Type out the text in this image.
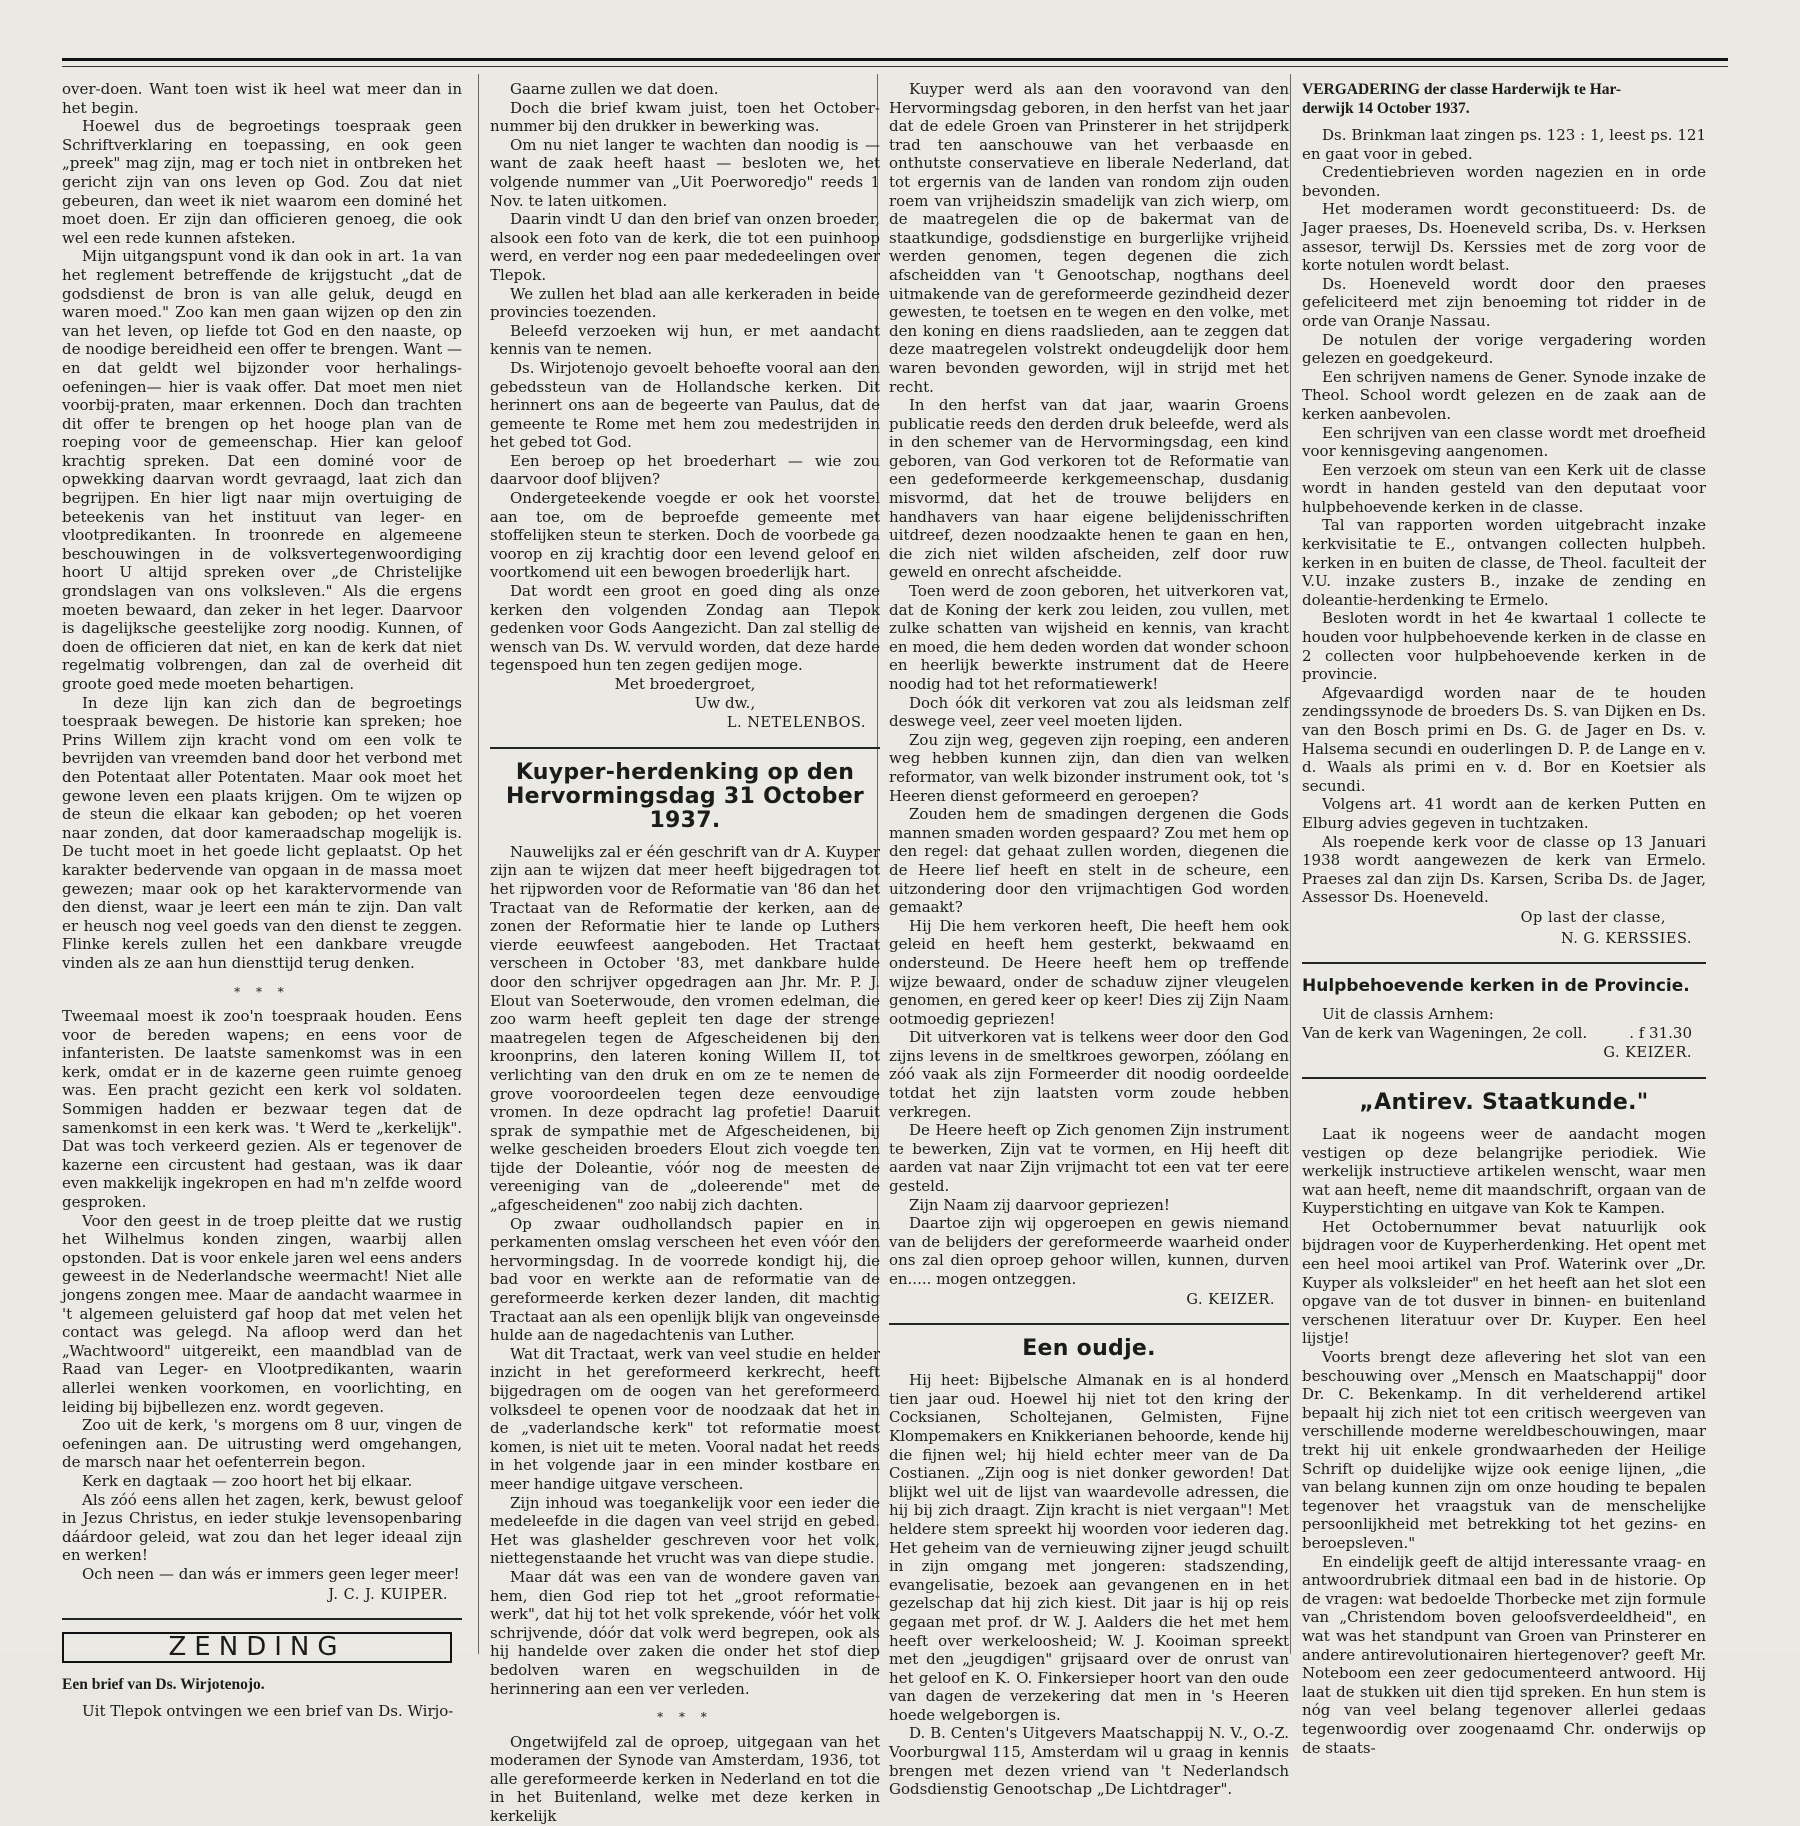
over-doen. Want toen wist ik heel wat meer dan in het begin.

Hoewel dus de begroetings toespraak geen Schriftverklaring en toepassing, en ook geen „preek" mag zijn, mag er toch niet in ontbreken het gericht zijn van ons leven op God. Zou dat niet gebeuren, dan weet ik niet waarom een dominé het moet doen. Er zijn dan officieren genoeg, die ook wel een rede kunnen afsteken.

Mijn uitgangspunt vond ik dan ook in art. 1a van het reglement betreffende de krijgstucht „dat de godsdienst de bron is van alle geluk, deugd en waren moed." Zoo kan men gaan wijzen op den zin van het leven, op liefde tot God en den naaste, op de noodige bereidheid een offer te brengen. Want — en dat geldt wel bijzonder voor herhalings-oefeningen— hier is vaak offer. Dat moet men niet voorbij-praten, maar erkennen. Doch dan trachten dit offer te brengen op het hooge plan van de roeping voor de gemeenschap. Hier kan geloof krachtig spreken. Dat een dominé voor de opwekking daarvan wordt gevraagd, laat zich dan begrijpen. En hier ligt naar mijn overtuiging de beteekenis van het instituut van leger- en vlootpredikanten. In troonrede en algemeene beschouwingen in de volksvertegenwoordiging hoort U altijd spreken over „de Christelijke grondslagen van ons volksleven." Als die ergens moeten bewaard, dan zeker in het leger. Daarvoor is dagelijksche geestelijke zorg noodig. Kunnen, of doen de officieren dat niet, en kan de kerk dat niet regelmatig volbrengen, dan zal de overheid dit groote goed mede moeten behartigen.

In deze lijn kan zich dan de begroetings toespraak bewegen. De historie kan spreken; hoe Prins Willem zijn kracht vond om een volk te bevrijden van vreemden band door het verbond met den Potentaat aller Potentaten. Maar ook moet het gewone leven een plaats krijgen. Om te wijzen op de steun die elkaar kan geboden; op het voeren naar zonden, dat door kameraadschap mogelijk is. De tucht moet in het goede licht geplaatst. Op het karakter bedervende van opgaan in de massa moet gewezen; maar ook op het karaktervormende van den dienst, waar je leert een mán te zijn. Dan valt er heusch nog veel goeds van den dienst te zeggen. Flinke kerels zullen het een dankbare vreugde vinden als ze aan hun diensttijd terug denken.

* * *

Tweemaal moest ik zoo'n toespraak houden. Eens voor de bereden wapens; en eens voor de infanteristen. De laatste samenkomst was in een kerk, omdat er in de kazerne geen ruimte genoeg was. Een pracht gezicht een kerk vol soldaten. Sommigen hadden er bezwaar tegen dat de samenkomst in een kerk was. 't Werd te „kerkelijk". Dat was toch verkeerd gezien. Als er tegenover de kazerne een circustent had gestaan, was ik daar even makkelijk ingekropen en had m'n zelfde woord gesproken.

Voor den geest in de troep pleitte dat we rustig het Wilhelmus konden zingen, waarbij allen opstonden. Dat is voor enkele jaren wel eens anders geweest in de Nederlandsche weermacht! Niet alle jongens zongen mee. Maar de aandacht waarmee in 't algemeen geluisterd gaf hoop dat met velen het contact was gelegd. Na afloop werd dan het „Wachtwoord" uitgereikt, een maandblad van de Raad van Leger- en Vlootpredikanten, waarin allerlei wenken voorkomen, en voorlichting, en leiding bij bijbellezen enz. wordt gegeven.

Zoo uit de kerk, 's morgens om 8 uur, vingen de oefeningen aan. De uitrusting werd omgehangen, de marsch naar het oefenterrein begon.

Kerk en dagtaak — zoo hoort het bij elkaar.

Als zóó eens allen het zagen, kerk, bewust geloof in Jezus Christus, en ieder stukje levensopenbaring dáárdoor geleid, wat zou dan het leger ideaal zijn en werken!

Och neen — dan wás er immers geen leger meer!

J. C. J. KUIPER.
ZENDING
Een brief van Ds. Wirjotenojo.

Uit Tlepok ontvingen we een brief van Ds. Wirjo-

Gaarne zullen we dat doen.

Doch die brief kwam juist, toen het October-nummer bij den drukker in bewerking was.

Om nu niet langer te wachten dan noodig is — want de zaak heeft haast — besloten we, het volgende nummer van „Uit Poerworedjo" reeds 1 Nov. te laten uitkomen.

Daarin vindt U dan den brief van onzen broeder, alsook een foto van de kerk, die tot een puinhoop werd, en verder nog een paar mededeelingen over Tlepok.

We zullen het blad aan alle kerkeraden in beide provincies toezenden.

Beleefd verzoeken wij hun, er met aandacht kennis van te nemen.

Ds. Wirjotenojo gevoelt behoefte vooral aan den gebedssteun van de Hollandsche kerken. Dit herinnert ons aan de begeerte van Paulus, dat de gemeente te Rome met hem zou medestrijden in het gebed tot God.

Een beroep op het broederhart — wie zou daarvoor doof blijven?

Ondergeteekende voegde er ook het voorstel aan toe, om de beproefde gemeente met stoffelijken steun te sterken. Doch de voorbede ga voorop en zij krachtig door een levend geloof en voortkomend uit een bewogen broederlijk hart.

Dat wordt een groot en goed ding als onze kerken den volgenden Zondag aan Tlepok gedenken voor Gods Aangezicht. Dan zal stellig de wensch van Ds. W. vervuld worden, dat deze harde tegenspoed hun ten zegen gedijen moge.

Met broedergroet,
Uw dw.,
L. NETELENBOS.
Kuyper-herdenking op den Hervormingsdag 31 October 1937.

Nauwelijks zal er één geschrift van dr A. Kuyper zijn aan te wijzen dat meer heeft bijgedragen tot het rijpworden voor de Reformatie van '86 dan het Tractaat van de Reformatie der kerken, aan de zonen der Reformatie hier te lande op Luthers vierde eeuwfeest aangeboden. Het Tractaat verscheen in October '83, met dankbare hulde door den schrijver opgedragen aan Jhr. Mr. P. J. Elout van Soeterwoude, den vromen edelman, die zoo warm heeft gepleit ten dage der strenge maatregelen tegen de Afgescheidenen bij den kroonprins, den lateren koning Willem II, tot verlichting van den druk en om ze te nemen de grove vooroordeelen tegen deze eenvoudige vromen. In deze opdracht lag profetie! Daaruit sprak de sympathie met de Afgescheidenen, bij welke gescheiden broeders Elout zich voegde ten tijde der Doleantie, vóór nog de meesten de vereeniging van de „doleerende" met de „afgescheidenen" zoo nabij zich dachten.

Op zwaar oudhollandsch papier en in perkamenten omslag verscheen het even vóór den hervormingsdag. In de voorrede kondigt hij, die bad voor en werkte aan de reformatie van de gereformeerde kerken dezer landen, dit machtig Tractaat aan als een openlijk blijk van ongeveinsde hulde aan de nagedachtenis van Luther.

Wat dit Tractaat, werk van veel studie en helder inzicht in het gereformeerd kerkrecht, heeft bijgedragen om de oogen van het gereformeerd volksdeel te openen voor de noodzaak dat het in de „vaderlandsche kerk" tot reformatie moest komen, is niet uit te meten. Vooral nadat het reeds in het volgende jaar in een minder kostbare en meer handige uitgave verscheen.

Zijn inhoud was toegankelijk voor een ieder die medeleefde in die dagen van veel strijd en gebed. Het was glashelder geschreven voor het volk, niettegenstaande het vrucht was van diepe studie.

Maar dát was een van de wondere gaven van hem, dien God riep tot het „groot reformatie-werk", dat hij tot het volk sprekende, vóór het volk schrijvende, dóór dat volk werd begrepen, ook als hij handelde over zaken die onder het stof diep bedolven waren en wegschuilden in de herinnering aan een ver verleden.

* * *

Ongetwijfeld zal de oproep, uitgegaan van het moderamen der Synode van Amsterdam, 1936, tot alle gereformeerde kerken in Nederland en tot die in het Buitenland, welke met deze kerken in kerkelijk

Kuyper werd als aan den vooravond van den Hervormingsdag geboren, in den herfst van het jaar dat de edele Groen van Prinsterer in het strijdperk trad ten aanschouwe van het verbaasde en onthutste conservatieve en liberale Nederland, dat tot ergernis van de landen van rondom zijn ouden roem van vrijheidszin smadelijk van zich wierp, om de maatregelen die op de bakermat van de staatkundige, godsdienstige en burgerlijke vrijheid werden genomen, tegen degenen die zich afscheidden van 't Genootschap, nogthans deel uitmakende van de gereformeerde gezindheid dezer gewesten, te toetsen en te wegen en den volke, met den koning en diens raadslieden, aan te zeggen dat deze maatregelen volstrekt ondeugdelijk door hem waren bevonden geworden, wijl in strijd met het recht.

In den herfst van dat jaar, waarin Groens publicatie reeds den derden druk beleefde, werd als in den schemer van de Hervormingsdag, een kind geboren, van God verkoren tot de Reformatie van een gedeformeerde kerkgemeenschap, dusdanig misvormd, dat het de trouwe belijders en handhavers van haar eigene belijdenisschriften uitdreef, dezen noodzaakte henen te gaan en hen, die zich niet wilden afscheiden, zelf door ruw geweld en onrecht afscheidde.

Toen werd de zoon geboren, het uitverkoren vat, dat de Koning der kerk zou leiden, zou vullen, met zulke schatten van wijsheid en kennis, van kracht en moed, die hem deden worden dat wonder schoon en heerlijk bewerkte instrument dat de Heere noodig had tot het reformatiewerk!

Doch óók dit verkoren vat zou als leidsman zelf deswege veel, zeer veel moeten lijden.

Zou zijn weg, gegeven zijn roeping, een anderen weg hebben kunnen zijn, dan dien van welken reformator, van welk bizonder instrument ook, tot 's Heeren dienst geformeerd en geroepen?

Zouden hem de smadingen dergenen die Gods mannen smaden worden gespaard? Zou met hem op den regel: dat gehaat zullen worden, diegenen die de Heere lief heeft en stelt in de scheure, een uitzondering door den vrijmachtigen God worden gemaakt?

Hij Die hem verkoren heeft, Die heeft hem ook geleid en heeft hem gesterkt, bekwaamd en ondersteund. De Heere heeft hem op treffende wijze bewaard, onder de schaduw zijner vleugelen genomen, en gered keer op keer! Dies zij Zijn Naam ootmoedig gepriezen!

Dit uitverkoren vat is telkens weer door den God zijns levens in de smeltkroes geworpen, zóólang en zóó vaak als zijn Formeerder dit noodig oordeelde totdat het zijn laatsten vorm zoude hebben verkregen.

De Heere heeft op Zich genomen Zijn instrument te bewerken, Zijn vat te vormen, en Hij heeft dit aarden vat naar Zijn vrijmacht tot een vat ter eere gesteld.

Zijn Naam zij daarvoor gepriezen!

Daartoe zijn wij opgeroepen en gewis niemand van de belijders der gereformeerde waarheid onder ons zal dien oproep gehoor willen, kunnen, durven en..... mogen ontzeggen.

G. KEIZER.
Een oudje.

Hij heet: Bijbelsche Almanak en is al honderd tien jaar oud. Hoewel hij niet tot den kring der Cocksianen, Scholtejanen, Gelmisten, Fijne Klompemakers en Knikkerianen behoorde, kende hij die fijnen wel; hij hield echter meer van de Da Costianen. „Zijn oog is niet donker geworden! Dat blijkt wel uit de lijst van waardevolle adressen, die hij bij zich draagt. Zijn kracht is niet vergaan"! Met heldere stem spreekt hij woorden voor iederen dag. Het geheim van de vernieuwing zijner jeugd schuilt in zijn omgang met jongeren: stadszending, evangelisatie, bezoek aan gevangenen en in het gezelschap dat hij zich kiest. Dit jaar is hij op reis gegaan met prof. dr W. J. Aalders die het met hem heeft over werkeloosheid; W. J. Kooiman spreekt met den „jeugdigen" grijsaard over de onrust van het geloof en K. O. Finkersieper hoort van den oude van dagen de verzekering dat men in 's Heeren hoede welgeborgen is.

D. B. Centen's Uitgevers Maatschappij N. V., O.-Z. Voorburgwal 115, Amsterdam wil u graag in kennis brengen met dezen vriend van 't Nederlandsch Godsdienstig Genootschap „De Lichtdrager".

VERGADERING der classe Harderwijk te Har-
derwijk 14 October 1937.

Ds. Brinkman laat zingen ps. 123 : 1, leest ps. 121 en gaat voor in gebed.

Credentiebrieven worden nagezien en in orde bevonden.

Het moderamen wordt geconstitueerd: Ds. de Jager praeses, Ds. Hoeneveld scriba, Ds. v. Herksen assesor, terwijl Ds. Kerssies met de zorg voor de korte notulen wordt belast.

Ds. Hoeneveld wordt door den praeses gefeliciteerd met zijn benoeming tot ridder in de orde van Oranje Nassau.

De notulen der vorige vergadering worden gelezen en goedgekeurd.

Een schrijven namens de Gener. Synode inzake de Theol. School wordt gelezen en de zaak aan de kerken aanbevolen.

Een schrijven van een classe wordt met droefheid voor kennisgeving aangenomen.

Een verzoek om steun van een Kerk uit de classe wordt in handen gesteld van den deputaat voor hulpbehoevende kerken in de classe.

Tal van rapporten worden uitgebracht inzake kerkvisitatie te E., ontvangen collecten hulpbeh. kerken in en buiten de classe, de Theol. faculteit der V.U. inzake zusters B., inzake de zending en doleantie-herdenking te Ermelo.

Besloten wordt in het 4e kwartaal 1 collecte te houden voor hulpbehoevende kerken in de classe en 2 collecten voor hulpbehoevende kerken in de provincie.

Afgevaardigd worden naar de te houden zendingssynode de broeders Ds. S. van Dijken en Ds. van den Bosch primi en Ds. G. de Jager en Ds. v. Halsema secundi en ouderlingen D. P. de Lange en v. d. Waals als primi en v. d. Bor en Koetsier als secundi.

Volgens art. 41 wordt aan de kerken Putten en Elburg advies gegeven in tuchtzaken.

Als roepende kerk voor de classe op 13 Januari 1938 wordt aangewezen de kerk van Ermelo. Praeses zal dan zijn Ds. Karsen, Scriba Ds. de Jager, Assessor Ds. Hoeneveld.

Op last der classe,
N. G. KERSSIES.
Hulpbehoevende kerken in de Provincie.

Uit de classis Arnhem:

Van de kerk van Wageningen, 2e coll.	. f 31.30
G. KEIZER.
„Antirev. Staatkunde."

Laat ik nogeens weer de aandacht mogen vestigen op deze belangrijke periodiek. Wie werkelijk instructieve artikelen wenscht, waar men wat aan heeft, neme dit maandschrift, orgaan van de Kuyperstichting en uitgave van Kok te Kampen.

Het Octobernummer bevat natuurlijk ook bijdragen voor de Kuyperherdenking. Het opent met een heel mooi artikel van Prof. Waterink over „Dr. Kuyper als volksleider" en het heeft aan het slot een opgave van de tot dusver in binnen- en buitenland verschenen literatuur over Dr. Kuyper. Een heel lijstje!

Voorts brengt deze aflevering het slot van een beschouwing over „Mensch en Maatschappij" door Dr. C. Bekenkamp. In dit verhelderend artikel bepaalt hij zich niet tot een critisch weergeven van verschillende moderne wereldbeschouwingen, maar trekt hij uit enkele grondwaarheden der Heilige Schrift op duidelijke wijze ook eenige lijnen, „die van belang kunnen zijn om onze houding te bepalen tegenover het vraagstuk van de menschelijke persoonlijkheid met betrekking tot het gezins- en beroepsleven."

En eindelijk geeft de altijd interessante vraag- en antwoordrubriek ditmaal een bad in de historie. Op de vragen: wat bedoelde Thorbecke met zijn formule van „Christendom boven geloofsverdeeldheid", en wat was het standpunt van Groen van Prinsterer en andere antirevolutionairen hiertegenover? geeft Mr. Noteboom een zeer gedocumenteerd antwoord. Hij laat de stukken uit dien tijd spreken. En hun stem is nóg van veel belang tegenover allerlei gedaas tegenwoordig over zoogenaamd Chr. onderwijs op de staats-
